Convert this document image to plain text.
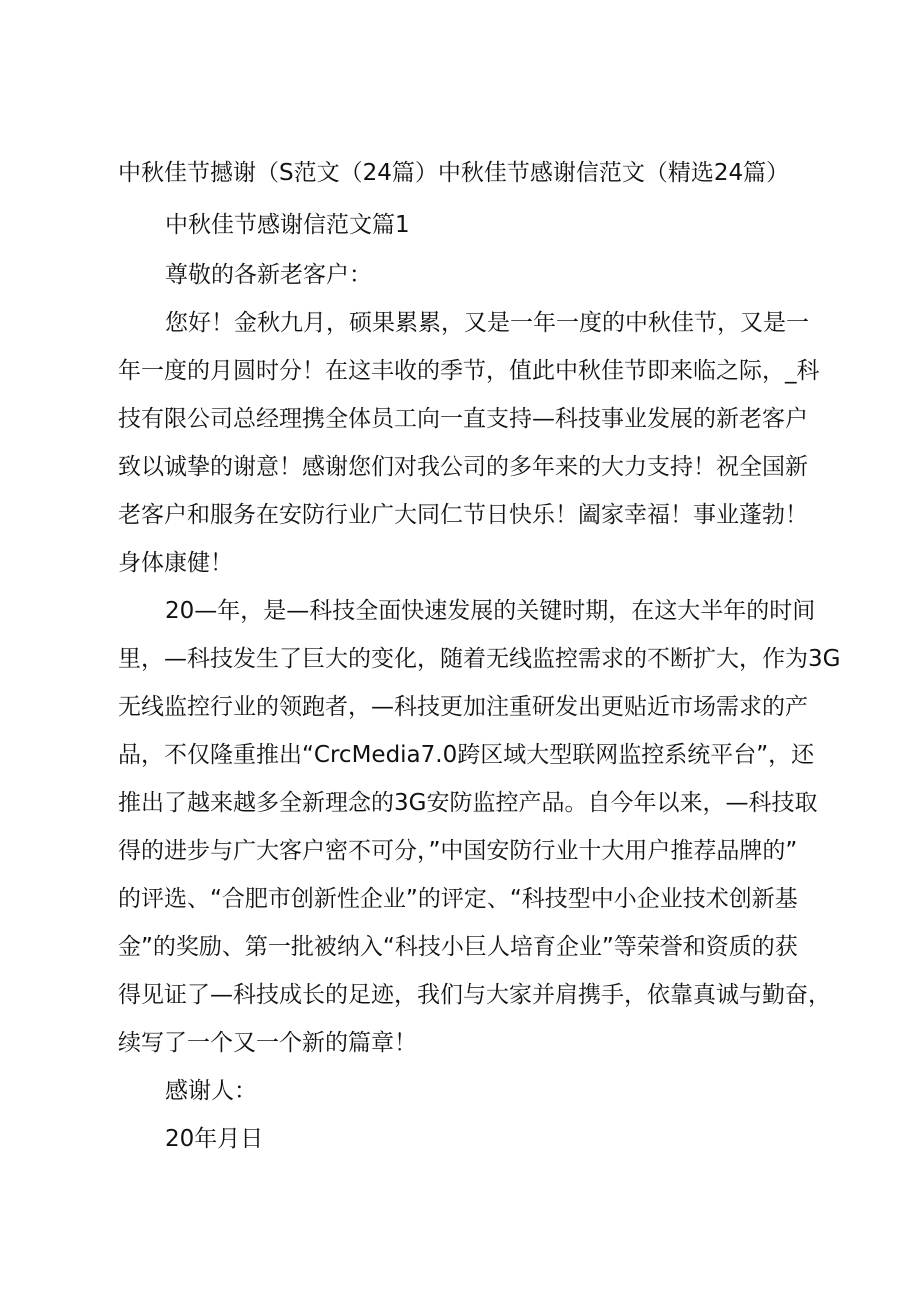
中秋佳节撼谢（S范文（24篇）中秋佳节感谢信范文（精选24篇）
中秋佳节感谢信范文篇1
尊敬的各新老客户：
您好！金秋九月，硕果累累，又是一年一度的中秋佳节，又是一
年一度的月圆时分！在这丰收的季节，值此中秋佳节即来临之际，_科
技有限公司总经理携全体员工向一直支持—科技事业发展的新老客户
致以诚挚的谢意！感谢您们对我公司的多年来的大力支持！祝全国新
老客户和服务在安防行业广大同仁节日快乐！阖家幸福！事业蓬勃！
身体康健！
20—年，是—科技全面快速发展的关键时期，在这大半年的时间
里，—科技发生了巨大的变化，随着无线监控需求的不断扩大，作为3G
无线监控行业的领跑者，—科技更加注重研发出更贴近市场需求的产
品，不仅隆重推出“CrcMedia7.0跨区域大型联网监控系统平台”，还
推出了越来越多全新理念的3G安防监控产品。自今年以来，—科技取
得的进步与广大客户密不可分，”中国安防行业十大用户推荐品牌的”
的评选、“合肥市创新性企业”的评定、“科技型中小企业技术创新基
金”的奖励、第一批被纳入“科技小巨人培育企业”等荣誉和资质的获
得见证了—科技成长的足迹，我们与大家并肩携手，依靠真诚与勤奋，
续写了一个又一个新的篇章！
感谢人：
20年月日
